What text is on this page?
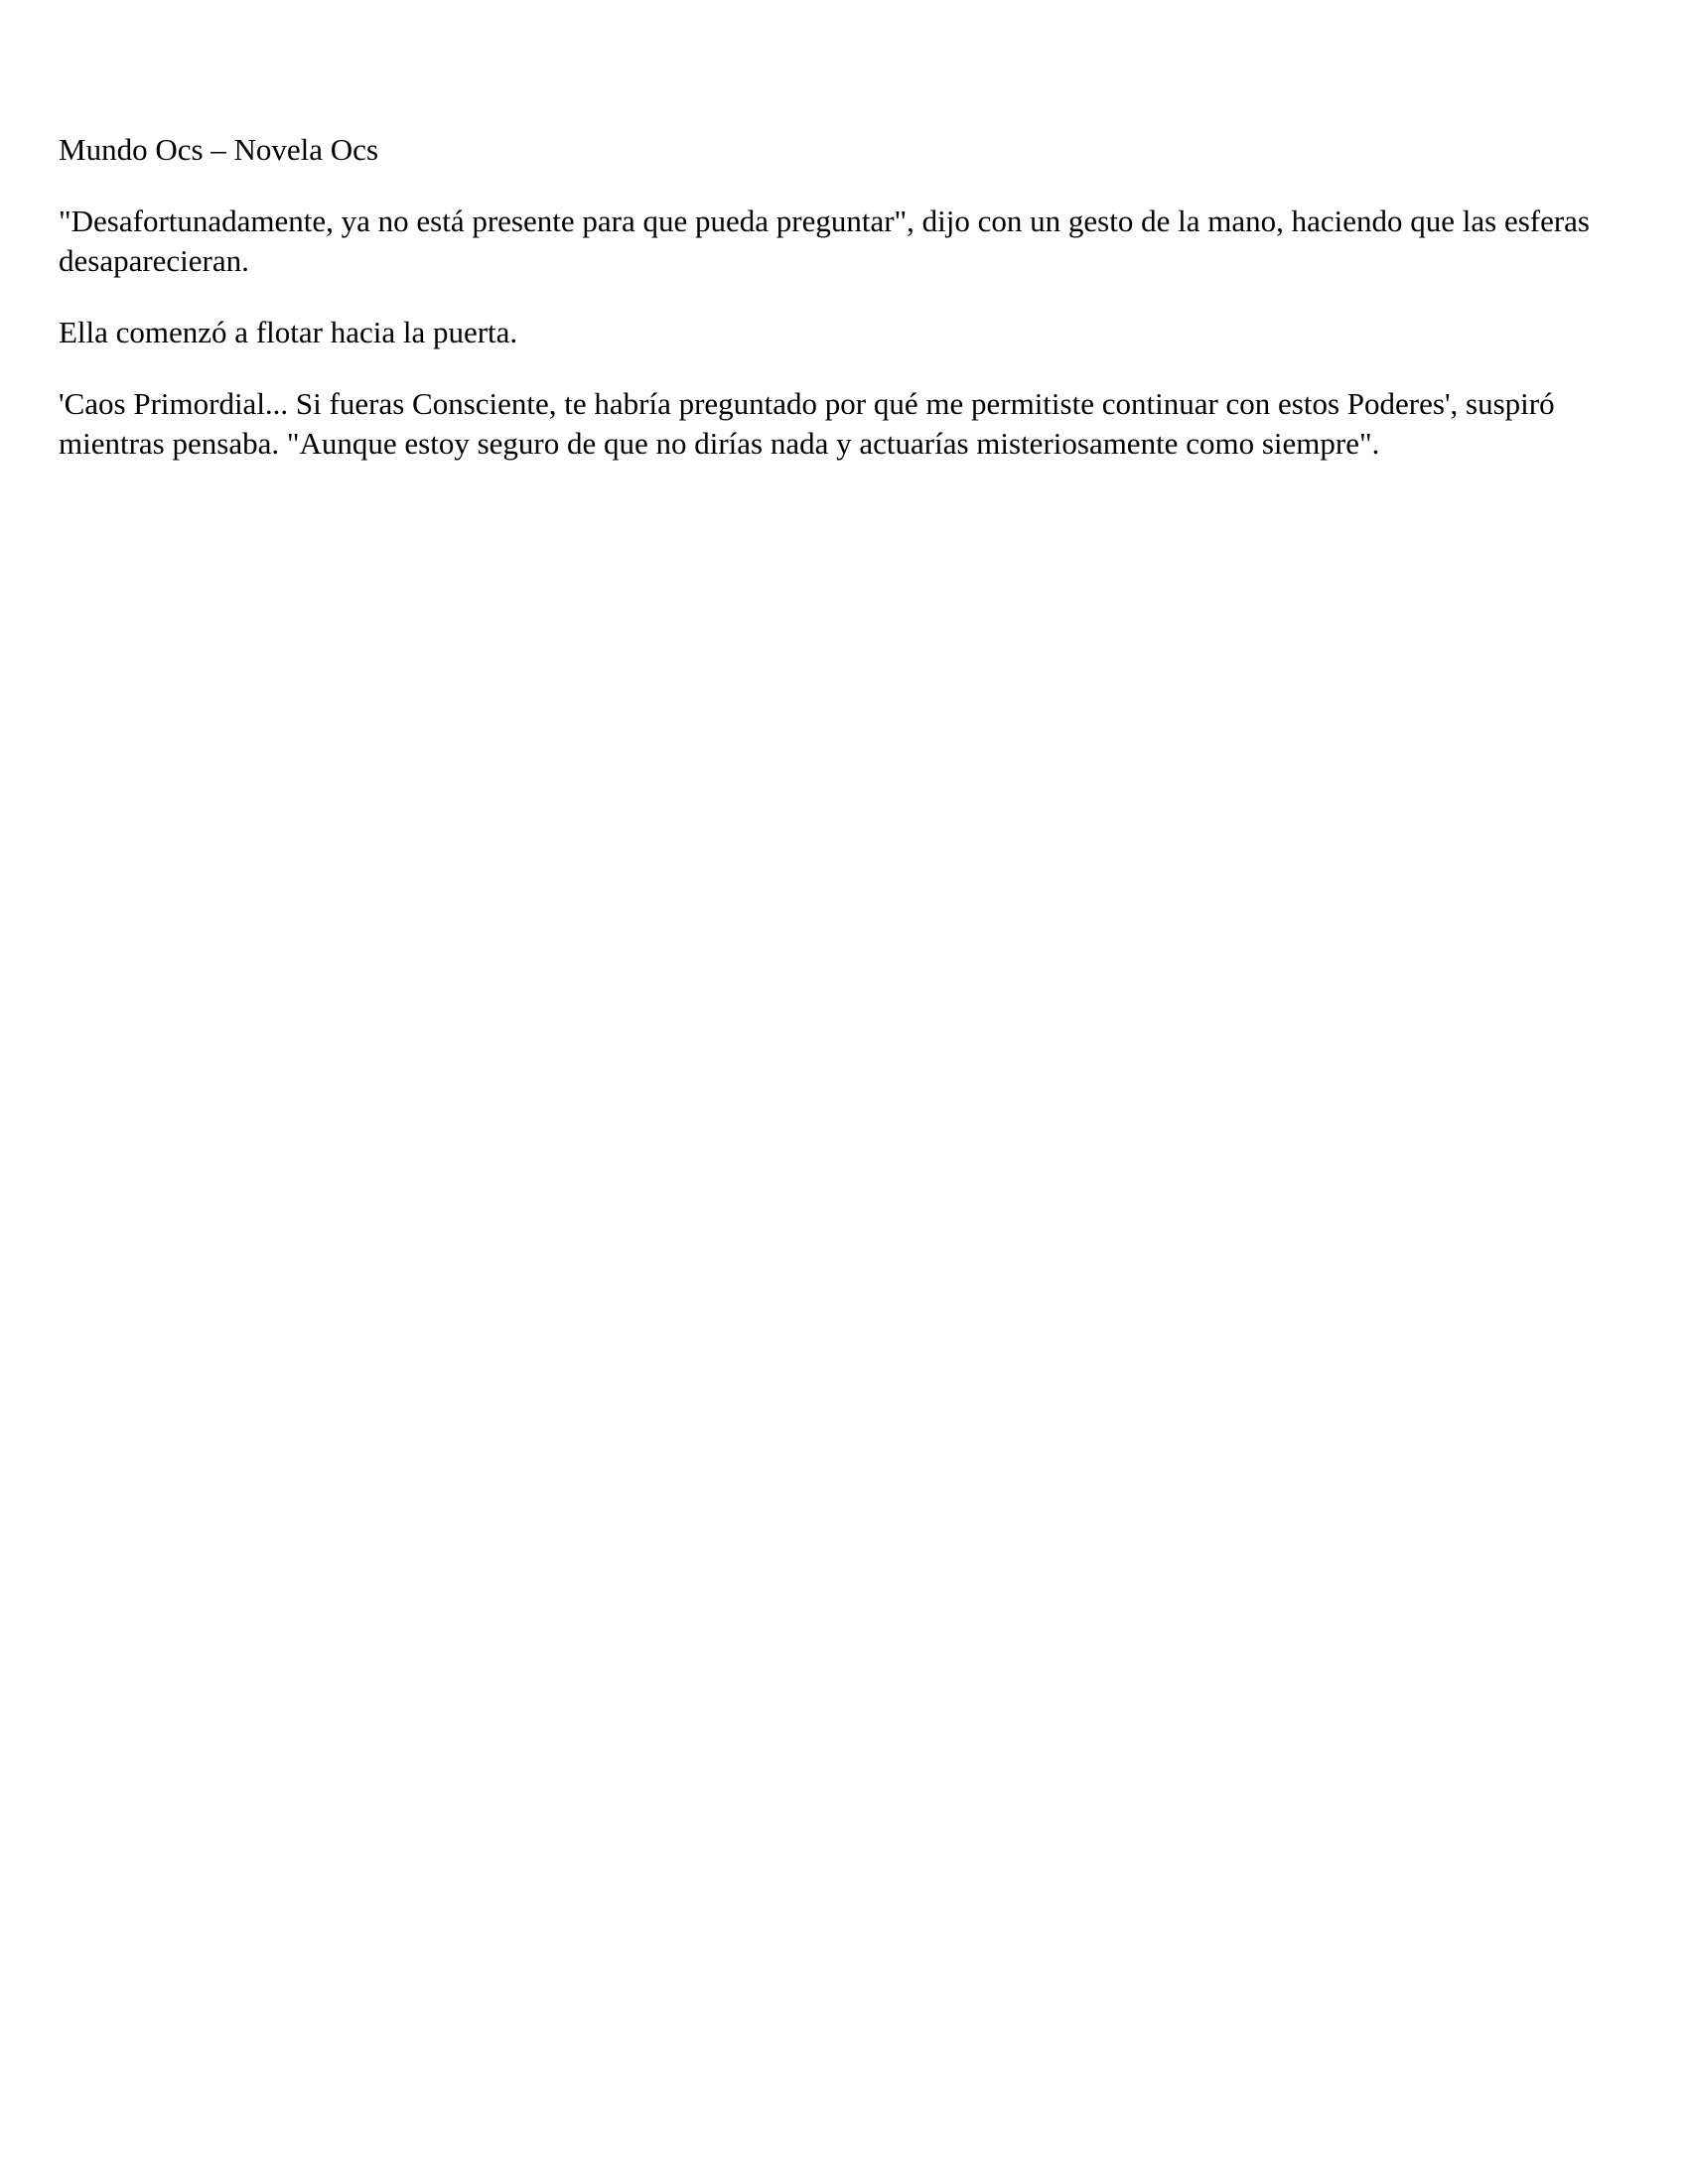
Mundo Ocs – Novela Ocs

"Desafortunadamente, ya no está presente para que pueda preguntar", dijo con un gesto de la mano, haciendo que las esferas desaparecieran.

Ella comenzó a flotar hacia la puerta.

'Caos Primordial... Si fueras Consciente, te habría preguntado por qué me permitiste continuar con estos Poderes', suspiró mientras pensaba. "Aunque estoy seguro de que no dirías nada y actuarías misteriosamente como siempre".
